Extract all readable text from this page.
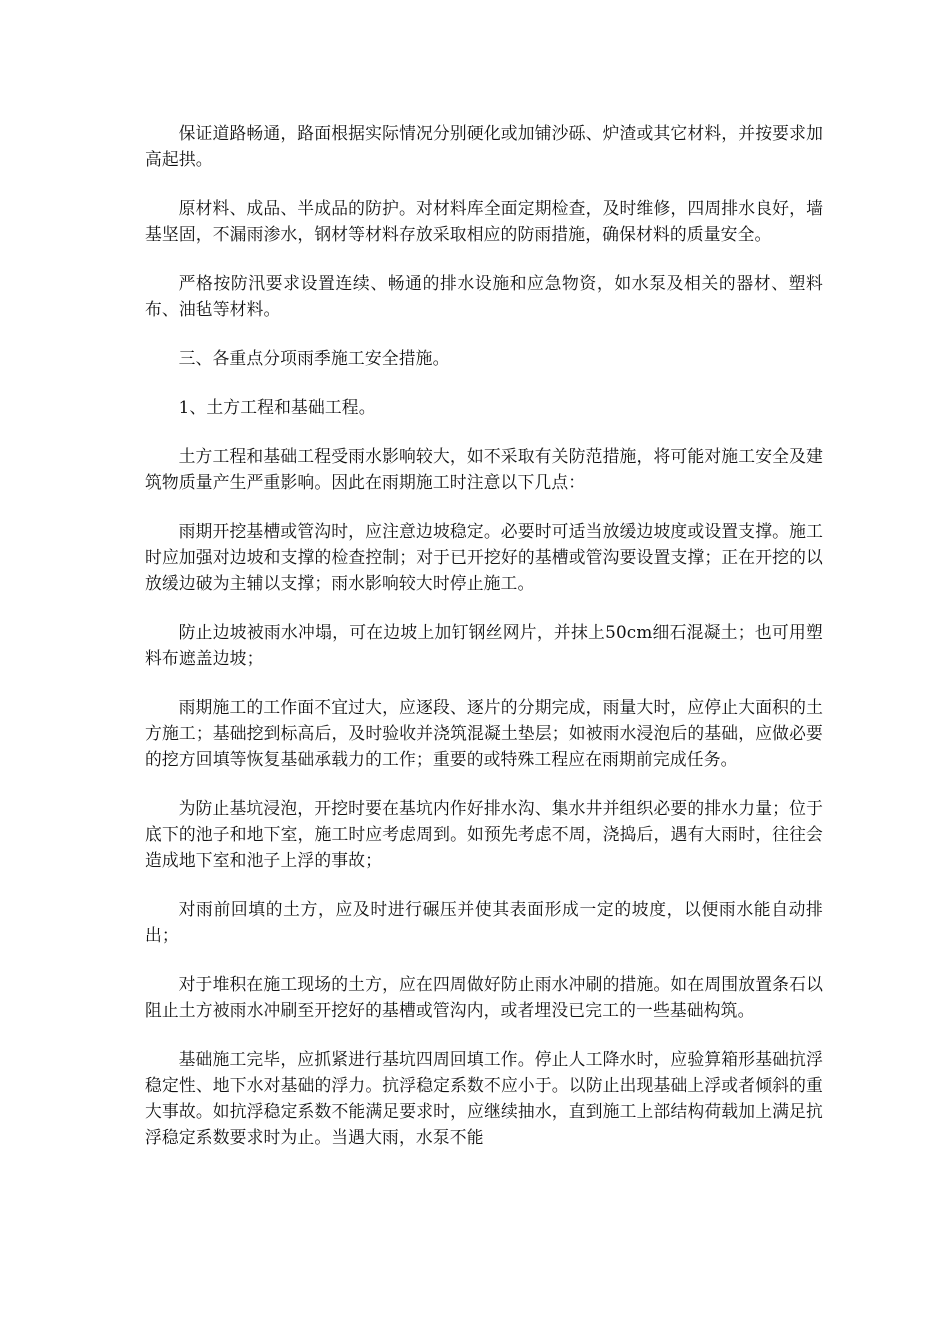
保证道路畅通，路面根据实际情况分别硬化或加铺沙砾、炉渣或其它材料，并按要求加高起拱。

原材料、成品、半成品的防护。对材料库全面定期检查，及时维修，四周排水良好，墙基坚固，不漏雨渗水，钢材等材料存放采取相应的防雨措施，确保材料的质量安全。

严格按防汛要求设置连续、畅通的排水设施和应急物资，如水泵及相关的器材、塑料布、油毡等材料。

三、各重点分项雨季施工安全措施。

1、土方工程和基础工程。

土方工程和基础工程受雨水影响较大，如不采取有关防范措施，将可能对施工安全及建筑物质量产生严重影响。因此在雨期施工时注意以下几点：

雨期开挖基槽或管沟时，应注意边坡稳定。必要时可适当放缓边坡度或设置支撑。施工时应加强对边坡和支撑的检查控制；对于已开挖好的基槽或管沟要设置支撑；正在开挖的以放缓边破为主辅以支撑；雨水影响较大时停止施工。

防止边坡被雨水冲塌，可在边坡上加钉钢丝网片，并抹上50cm细石混凝土；也可用塑料布遮盖边坡；

雨期施工的工作面不宜过大，应逐段、逐片的分期完成，雨量大时，应停止大面积的土方施工；基础挖到标高后，及时验收并浇筑混凝土垫层；如被雨水浸泡后的基础，应做必要的挖方回填等恢复基础承载力的工作；重要的或特殊工程应在雨期前完成任务。

为防止基坑浸泡，开挖时要在基坑内作好排水沟、集水井并组织必要的排水力量；位于底下的池子和地下室，施工时应考虑周到。如预先考虑不周，浇捣后，遇有大雨时，往往会造成地下室和池子上浮的事故；

对雨前回填的土方，应及时进行碾压并使其表面形成一定的坡度，以便雨水能自动排出；

对于堆积在施工现场的土方，应在四周做好防止雨水冲刷的措施。如在周围放置条石以阻止土方被雨水冲刷至开挖好的基槽或管沟内，或者埋没已完工的一些基础构筑。

基础施工完毕，应抓紧进行基坑四周回填工作。停止人工降水时，应验算箱形基础抗浮稳定性、地下水对基础的浮力。抗浮稳定系数不应小于。以防止出现基础上浮或者倾斜的重大事故。如抗浮稳定系数不能满足要求时，应继续抽水，直到施工上部结构荷载加上满足抗浮稳定系数要求时为止。当遇大雨，水泵不能
